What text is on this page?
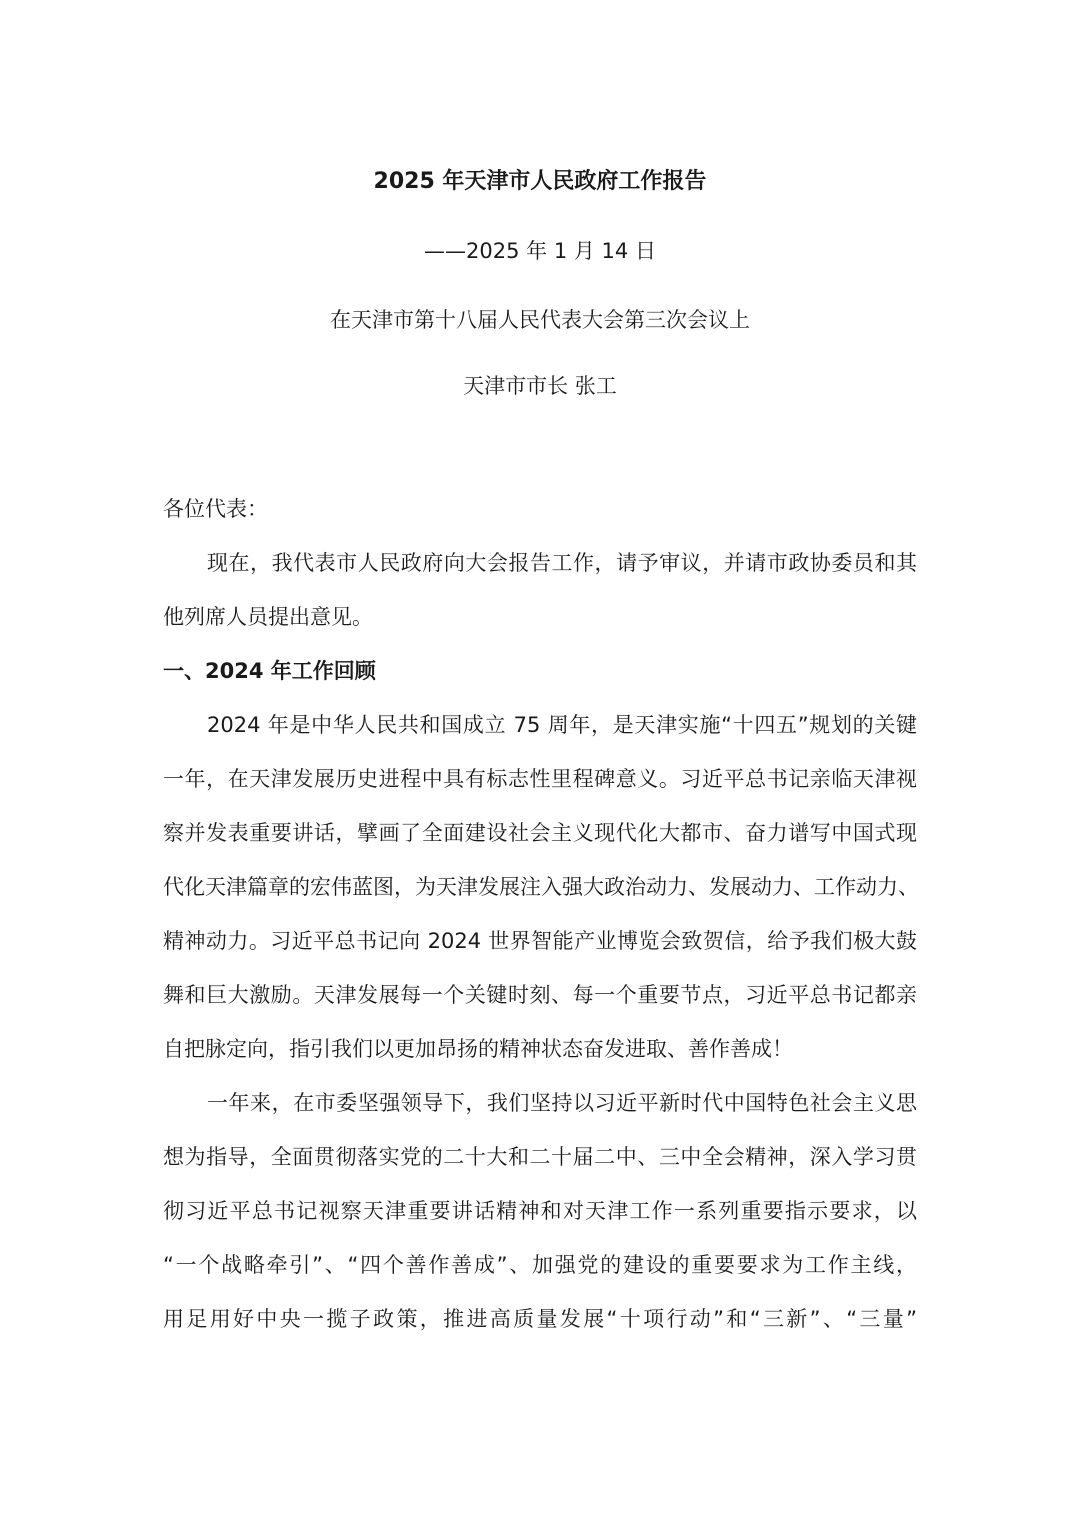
2025 年天津市人民政府工作报告
——2025 年 1 月 14 日
在天津市第十八届人民代表大会第三次会议上
天津市市长 张工
各位代表：
现在，我代表市人民政府向大会报告工作，请予审议，并请市政协委员和其
他列席人员提出意见。
一、2024 年工作回顾
2024 年是中华人民共和国成立 75 周年，是天津实施“十四五”规划的关键
一年，在天津发展历史进程中具有标志性里程碑意义。习近平总书记亲临天津视
察并发表重要讲话，擘画了全面建设社会主义现代化大都市、奋力谱写中国式现
代化天津篇章的宏伟蓝图，为天津发展注入强大政治动力、发展动力、工作动力、
精神动力。习近平总书记向 2024 世界智能产业博览会致贺信，给予我们极大鼓
舞和巨大激励。天津发展每一个关键时刻、每一个重要节点，习近平总书记都亲
自把脉定向，指引我们以更加昂扬的精神状态奋发进取、善作善成！
一年来，在市委坚强领导下，我们坚持以习近平新时代中国特色社会主义思
想为指导，全面贯彻落实党的二十大和二十届二中、三中全会精神，深入学习贯
彻习近平总书记视察天津重要讲话精神和对天津工作一系列重要指示要求，以
“一个战略牵引”、“四个善作善成”、加强党的建设的重要要求为工作主线，
用足用好中央一揽子政策，推进高质量发展“十项行动”和“三新”、“三量”
